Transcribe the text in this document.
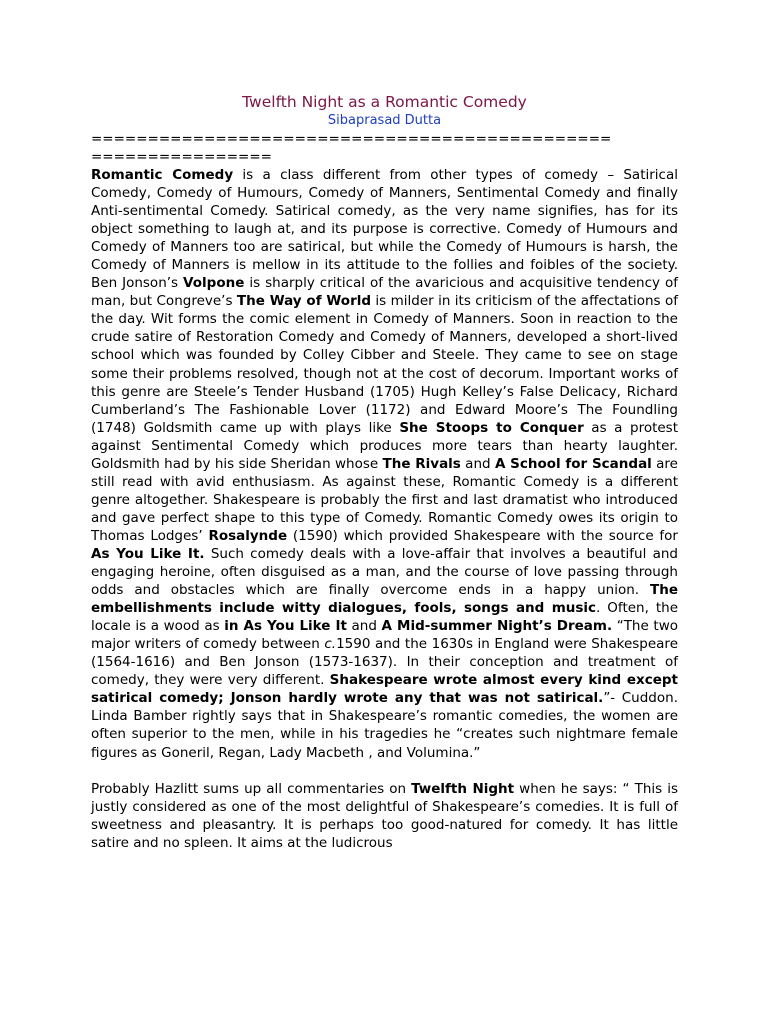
Twelfth Night as a Romantic Comedy

Sibaprasad Dutta

==============================================

================

Romantic Comedy is a class different from other types of comedy – Satirical Comedy, Comedy of Humours, Comedy of Manners, Sentimental Comedy and finally Anti-sentimental Comedy. Satirical comedy, as the very name signifies, has for its object something to laugh at, and its purpose is corrective. Comedy of Humours and Comedy of Manners too are satirical, but while the Comedy of Humours is harsh, the Comedy of Manners is mellow in its attitude to the follies and foibles of the society. Ben Jonson’s Volpone is sharply critical of the avaricious and acquisitive tendency of man, but Congreve’s The Way of World is milder in its criticism of the affectations of the day. Wit forms the comic element in Comedy of Manners. Soon in reaction to the crude satire of Restoration Comedy and Comedy of Manners, developed a short-lived school which was founded by Colley Cibber and Steele. They came to see on stage some their problems resolved, though not at the cost of decorum. Important works of this genre are Steele’s Tender Husband (1705) Hugh Kelley’s False Delicacy, Richard Cumberland’s The Fashionable Lover (1172) and Edward Moore’s The Foundling (1748) Goldsmith came up with plays like She Stoops to Conquer as a protest against Sentimental Comedy which produces more tears than hearty laughter. Goldsmith had by his side Sheridan whose The Rivals and A School for Scandal are still read with avid enthusiasm. As against these, Romantic Comedy is a different genre altogether. Shakespeare is probably the first and last dramatist who introduced and gave perfect shape to this type of Comedy. Romantic Comedy owes its origin to Thomas Lodges’ Rosalynde (1590) which provided Shakespeare with the source for As You Like It. Such comedy deals with a love-affair that involves a beautiful and engaging heroine, often disguised as a man, and the course of love passing through odds and obstacles which are finally overcome ends in a happy union. The embellishments include witty dialogues, fools, songs and music. Often, the locale is a wood as in As You Like It and A Mid-summer Night’s Dream. “The two major writers of comedy between c.1590 and the 1630s in England were Shakespeare (1564-1616) and Ben Jonson (1573-1637). In their conception and treatment of comedy, they were very different. Shakespeare wrote almost every kind except satirical comedy; Jonson hardly wrote any that was not satirical.”- Cuddon. Linda Bamber rightly says that in Shakespeare’s romantic comedies, the women are often superior to the men, while in his tragedies he “creates such nightmare female figures as Goneril, Regan, Lady Macbeth , and Volumina.”

Probably Hazlitt sums up all commentaries on Twelfth Night when he says: “ This is justly considered as one of the most delightful of Shakespeare’s comedies. It is full of sweetness and pleasantry. It is perhaps too good-natured for comedy. It has little satire and no spleen. It aims at the ludicrous
